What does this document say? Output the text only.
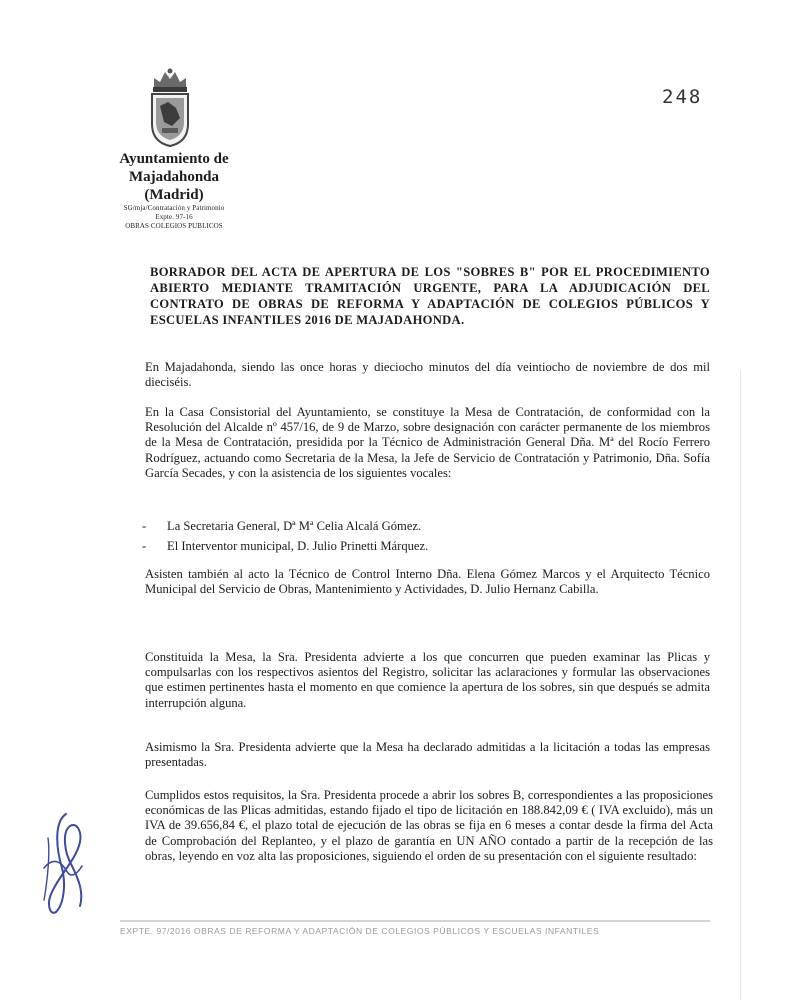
Ayuntamiento de
Majadahonda
(Madrid)
SG/mja/Contratación y Patrimonio
Expte. 97-16
OBRAS COLEGIOS PUBLICOS
248
BORRADOR DEL ACTA DE APERTURA DE LOS "SOBRES B" POR EL PROCEDIMIENTO ABIERTO MEDIANTE TRAMITACIÓN URGENTE, PARA LA ADJUDICACIÓN DEL CONTRATO DE OBRAS DE REFORMA Y ADAPTACIÓN DE COLEGIOS PÚBLICOS Y ESCUELAS INFANTILES 2016 DE MAJADAHONDA.

En Majadahonda, siendo las once horas y dieciocho minutos del día veintiocho de noviembre de dos mil dieciséis.

En la Casa Consistorial del Ayuntamiento, se constituye la Mesa de Contratación, de conformidad con la Resolución del Alcalde nº 457/16, de 9 de Marzo, sobre designación con carácter permanente de los miembros de la Mesa de Contratación, presidida por la Técnico de Administración General Dña. Mª del Rocío Ferrero Rodríguez, actuando como Secretaria de la Mesa, la Jefe de Servicio de Contratación y Patrimonio, Dña. Sofía García Secades, y con la asistencia de los siguientes vocales:

- La Secretaria General, Dª Mª Celia Alcalá Gómez.
- El Interventor municipal, D. Julio Prinetti Márquez.

Asisten también al acto la Técnico de Control Interno Dña. Elena Gómez Marcos y el Arquitecto Técnico Municipal del Servicio de Obras, Mantenimiento y Actividades, D. Julio Hernanz Cabilla.

Constituida la Mesa, la Sra. Presidenta advierte a los que concurren que pueden examinar las Plicas y compulsarlas con los respectivos asientos del Registro, solicitar las aclaraciones y formular las observaciones que estimen pertinentes hasta el momento en que comience la apertura de los sobres, sin que después se admita interrupción alguna.

Asimismo la Sra. Presidenta advierte que la Mesa ha declarado admitidas a la licitación a todas las empresas presentadas.

Cumplidos estos requisitos, la Sra. Presidenta procede a abrir los sobres B, correspondientes a las proposiciones económicas de las Plicas admitidas, estando fijado el tipo de licitación en 188.842,09 € ( IVA excluido), más un IVA de 39.656,84 €, el plazo total de ejecución de las obras se fija en 6 meses a contar desde la firma del Acta de Comprobación del Replanteo, y el plazo de garantía en UN AÑO contado a partir de la recepción de las obras, leyendo en voz alta las proposiciones, siguiendo el orden de su presentación con el siguiente resultado:

EXPTE. 97/2016 OBRAS DE REFORMA Y ADAPTACIÓN DE COLEGIOS PÚBLICOS Y ESCUELAS INFANTILES
